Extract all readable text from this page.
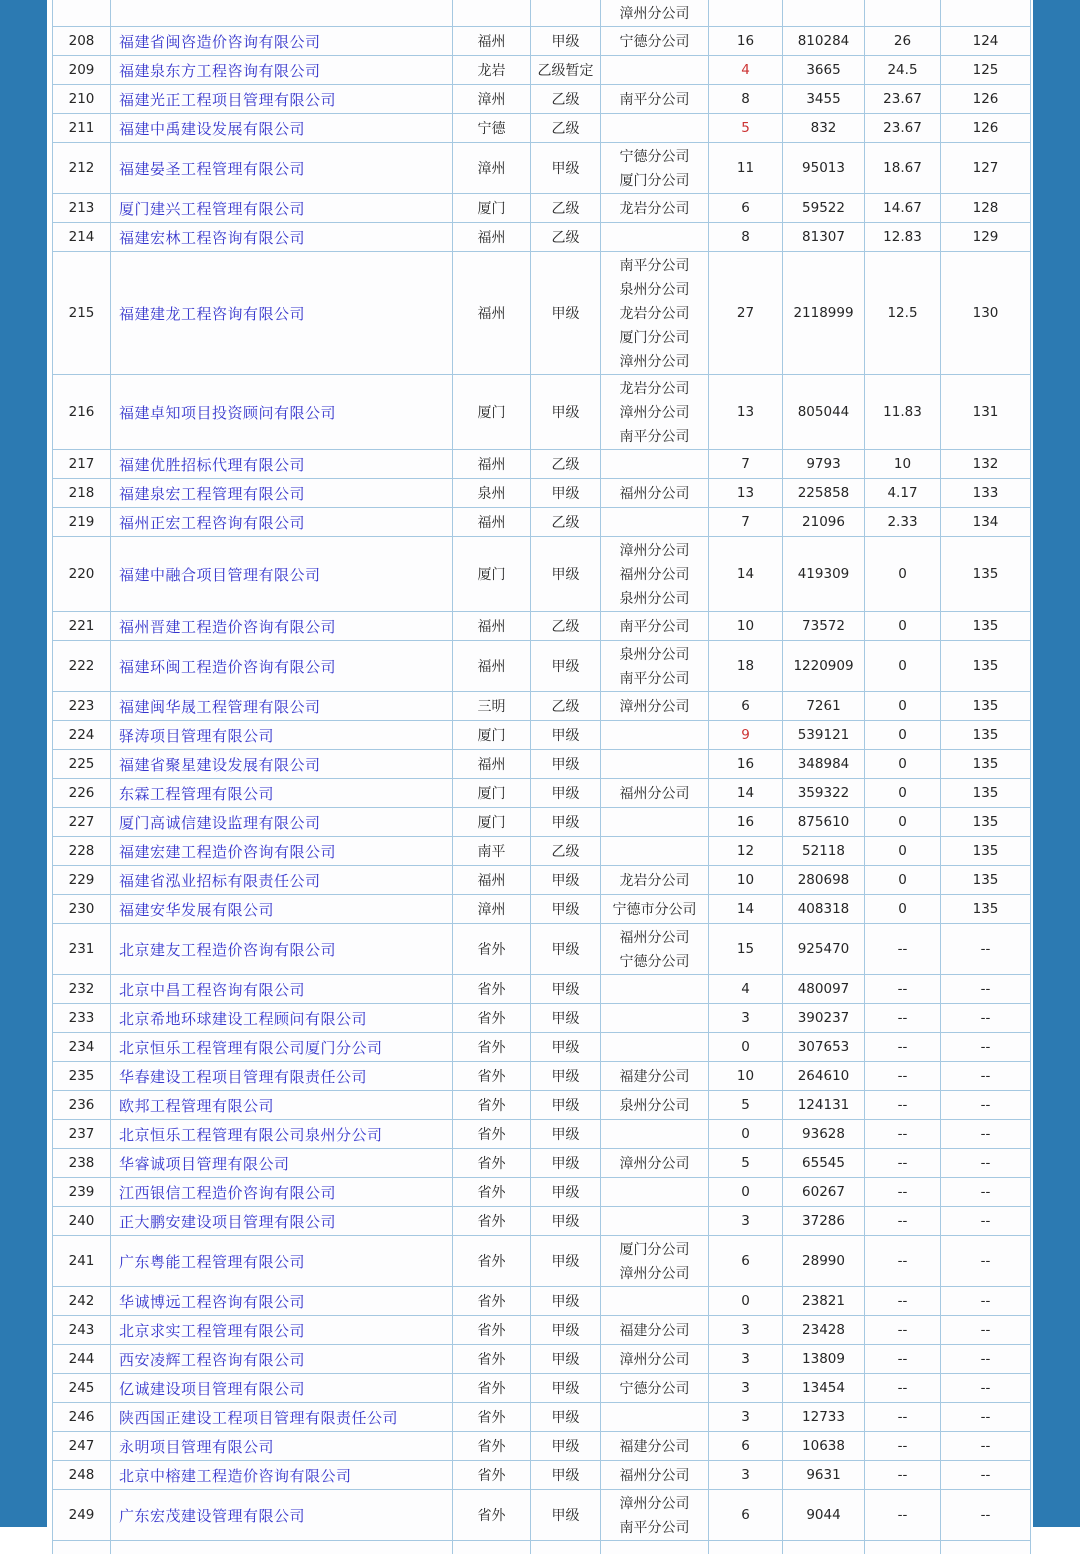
				漳州分公司				

208	福建省闽咨造价咨询有限公司	福州	甲级	宁德分公司	16	810284	26	124
209	福建泉东方工程咨询有限公司	龙岩	乙级暂定		4	3665	24.5	125
210	福建光正工程项目管理有限公司	漳州	乙级	南平分公司	8	3455	23.67	126
211	福建中禹建设发展有限公司	宁德	乙级		5	832	23.67	126
212	福建晏圣工程管理有限公司	漳州	甲级	宁德分公司
厦门分公司	11	95013	18.67	127
213	厦门建兴工程管理有限公司	厦门	乙级	龙岩分公司	6	59522	14.67	128
214	福建宏林工程咨询有限公司	福州	乙级		8	81307	12.83	129
215	福建建龙工程咨询有限公司	福州	甲级	南平分公司
泉州分公司
龙岩分公司
厦门分公司
漳州分公司	27	2118999	12.5	130
216	福建卓知项目投资顾问有限公司	厦门	甲级	龙岩分公司
漳州分公司
南平分公司	13	805044	11.83	131
217	福建优胜招标代理有限公司	福州	乙级		7	9793	10	132
218	福建泉宏工程管理有限公司	泉州	甲级	福州分公司	13	225858	4.17	133
219	福州正宏工程咨询有限公司	福州	乙级		7	21096	2.33	134
220	福建中融合项目管理有限公司	厦门	甲级	漳州分公司
福州分公司
泉州分公司	14	419309	0	135
221	福州晋建工程造价咨询有限公司	福州	乙级	南平分公司	10	73572	0	135
222	福建环闽工程造价咨询有限公司	福州	甲级	泉州分公司
南平分公司	18	1220909	0	135
223	福建闽华晟工程管理有限公司	三明	乙级	漳州分公司	6	7261	0	135
224	驿涛项目管理有限公司	厦门	甲级		9	539121	0	135
225	福建省聚星建设发展有限公司	福州	甲级		16	348984	0	135
226	东霖工程管理有限公司	厦门	甲级	福州分公司	14	359322	0	135
227	厦门高诚信建设监理有限公司	厦门	甲级		16	875610	0	135
228	福建宏建工程造价咨询有限公司	南平	乙级		12	52118	0	135
229	福建省泓业招标有限责任公司	福州	甲级	龙岩分公司	10	280698	0	135
230	福建安华发展有限公司	漳州	甲级	宁德市分公司	14	408318	0	135
231	北京建友工程造价咨询有限公司	省外	甲级	福州分公司
宁德分公司	15	925470	--	--
232	北京中昌工程咨询有限公司	省外	甲级		4	480097	--	--
233	北京希地环球建设工程顾问有限公司	省外	甲级		3	390237	--	--
234	北京恒乐工程管理有限公司厦门分公司	省外	甲级		0	307653	--	--
235	华春建设工程项目管理有限责任公司	省外	甲级	福建分公司	10	264610	--	--
236	欧邦工程管理有限公司	省外	甲级	泉州分公司	5	124131	--	--
237	北京恒乐工程管理有限公司泉州分公司	省外	甲级		0	93628	--	--
238	华睿诚项目管理有限公司	省外	甲级	漳州分公司	5	65545	--	--
239	江西银信工程造价咨询有限公司	省外	甲级		0	60267	--	--
240	正大鹏安建设项目管理有限公司	省外	甲级		3	37286	--	--
241	广东粤能工程管理有限公司	省外	甲级	厦门分公司
漳州分公司	6	28990	--	--
242	华诚博远工程咨询有限公司	省外	甲级		0	23821	--	--
243	北京求实工程管理有限公司	省外	甲级	福建分公司	3	23428	--	--
244	西安凌辉工程咨询有限公司	省外	甲级	漳州分公司	3	13809	--	--
245	亿诚建设项目管理有限公司	省外	甲级	宁德分公司	3	13454	--	--
246	陕西国正建设工程项目管理有限责任公司	省外	甲级		3	12733	--	--
247	永明项目管理有限公司	省外	甲级	福建分公司	6	10638	--	--
248	北京中榕建工程造价咨询有限公司	省外	甲级	福州分公司	3	9631	--	--
249	广东宏茂建设管理有限公司	省外	甲级	漳州分公司
南平分公司	6	9044	--	--
